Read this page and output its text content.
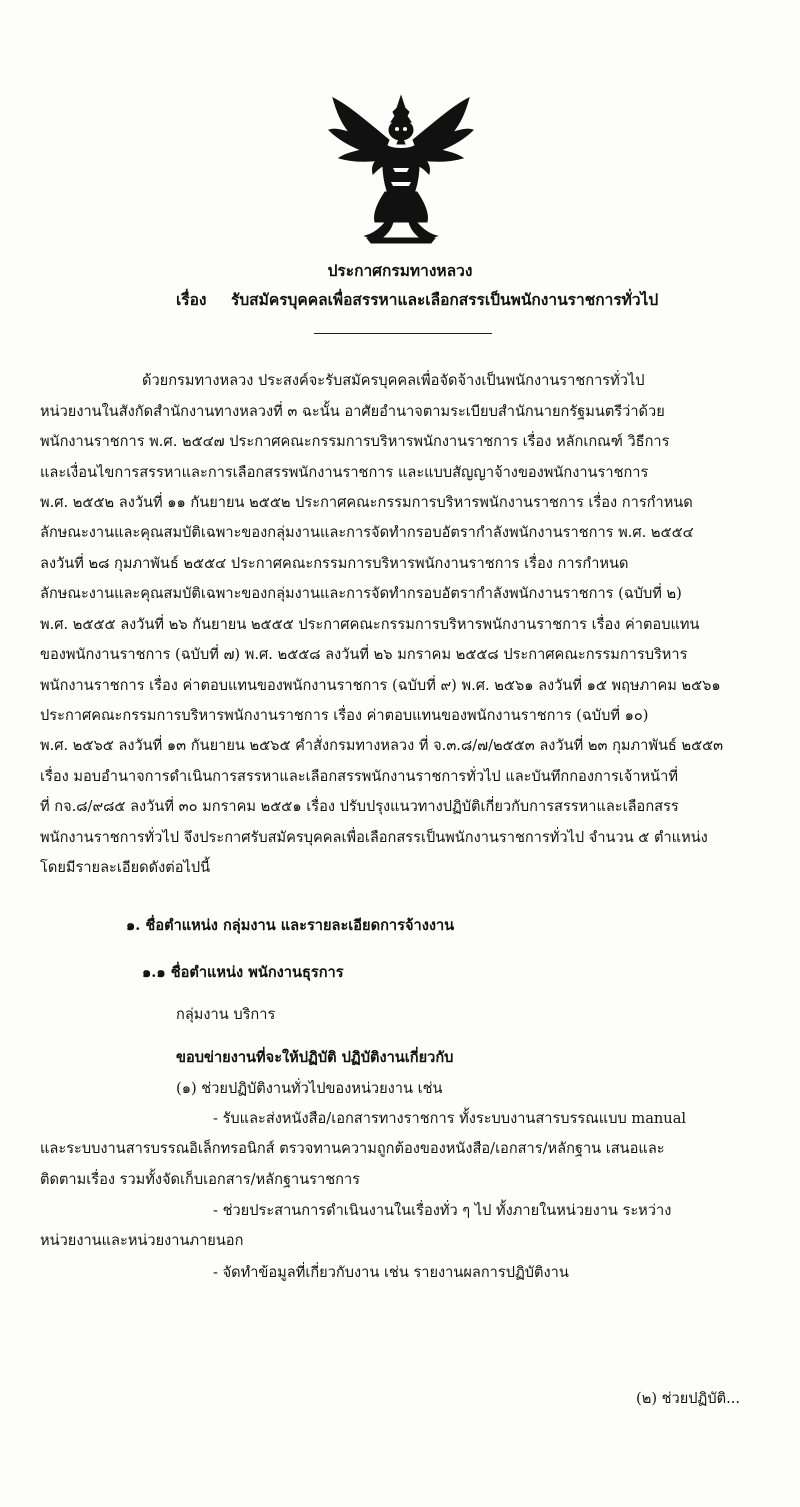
ประกาศกรมทางหลวง
เรื่อง รับสมัครบุคคลเพื่อสรรหาและเลือกสรรเป็นพนักงานราชการทั่วไป
ด้วยกรมทางหลวง ประสงค์จะรับสมัครบุคคลเพื่อจัดจ้างเป็นพนักงานราชการทั่วไป
หน่วยงานในสังกัดสำนักงานทางหลวงที่ ๓ ฉะนั้น อาศัยอำนาจตามระเบียบสำนักนายกรัฐมนตรีว่าด้วย
พนักงานราชการ พ.ศ. ๒๕๔๗ ประกาศคณะกรรมการบริหารพนักงานราชการ เรื่อง หลักเกณฑ์ วิธีการ
และเงื่อนไขการสรรหาและการเลือกสรรพนักงานราชการ และแบบสัญญาจ้างของพนักงานราชการ
พ.ศ. ๒๕๕๒ ลงวันที่ ๑๑ กันยายน ๒๕๕๒ ประกาศคณะกรรมการบริหารพนักงานราชการ เรื่อง การกำหนด
ลักษณะงานและคุณสมบัติเฉพาะของกลุ่มงานและการจัดทำกรอบอัตรากำลังพนักงานราชการ พ.ศ. ๒๕๕๔
ลงวันที่ ๒๘ กุมภาพันธ์ ๒๕๕๔ ประกาศคณะกรรมการบริหารพนักงานราชการ เรื่อง การกำหนด
ลักษณะงานและคุณสมบัติเฉพาะของกลุ่มงานและการจัดทำกรอบอัตรากำลังพนักงานราชการ (ฉบับที่ ๒)
พ.ศ. ๒๕๕๕ ลงวันที่ ๒๖ กันยายน ๒๕๕๕ ประกาศคณะกรรมการบริหารพนักงานราชการ เรื่อง ค่าตอบแทน
ของพนักงานราชการ (ฉบับที่ ๗) พ.ศ. ๒๕๕๘ ลงวันที่ ๒๖ มกราคม ๒๕๕๘ ประกาศคณะกรรมการบริหาร
พนักงานราชการ เรื่อง ค่าตอบแทนของพนักงานราชการ (ฉบับที่ ๙) พ.ศ. ๒๕๖๑ ลงวันที่ ๑๕ พฤษภาคม ๒๕๖๑
ประกาศคณะกรรมการบริหารพนักงานราชการ เรื่อง ค่าตอบแทนของพนักงานราชการ (ฉบับที่ ๑๐)
พ.ศ. ๒๕๖๕ ลงวันที่ ๑๓ กันยายน ๒๕๖๕ คำสั่งกรมทางหลวง ที่ จ.๓.๘/๗/๒๕๕๓ ลงวันที่ ๒๓ กุมภาพันธ์ ๒๕๕๓
เรื่อง มอบอำนาจการดำเนินการสรรหาและเลือกสรรพนักงานราชการทั่วไป และบันทึกกองการเจ้าหน้าที่
ที่ กจ.๘/๙๘๕ ลงวันที่ ๓๐ มกราคม ๒๕๕๑ เรื่อง ปรับปรุงแนวทางปฏิบัติเกี่ยวกับการสรรหาและเลือกสรร
พนักงานราชการทั่วไป จึงประกาศรับสมัครบุคคลเพื่อเลือกสรรเป็นพนักงานราชการทั่วไป จำนวน ๕ ตำแหน่ง
โดยมีรายละเอียดดังต่อไปนี้
๑. ชื่อตำแหน่ง กลุ่มงาน และรายละเอียดการจ้างงาน
๑.๑ ชื่อตำแหน่ง พนักงานธุรการ
กลุ่มงาน บริการ
ขอบข่ายงานที่จะให้ปฏิบัติ ปฏิบัติงานเกี่ยวกับ
(๑) ช่วยปฏิบัติงานทั่วไปของหน่วยงาน เช่น
- รับและส่งหนังสือ/เอกสารทางราชการ ทั้งระบบงานสารบรรณแบบ manual
และระบบงานสารบรรณอิเล็กทรอนิกส์ ตรวจทานความถูกต้องของหนังสือ/เอกสาร/หลักฐาน เสนอและ
ติดตามเรื่อง รวมทั้งจัดเก็บเอกสาร/หลักฐานราชการ
- ช่วยประสานการดำเนินงานในเรื่องทั่ว ๆ ไป ทั้งภายในหน่วยงาน ระหว่าง
หน่วยงานและหน่วยงานภายนอก
- จัดทำข้อมูลที่เกี่ยวกับงาน เช่น รายงานผลการปฏิบัติงาน
(๒) ช่วยปฏิบัติ...
